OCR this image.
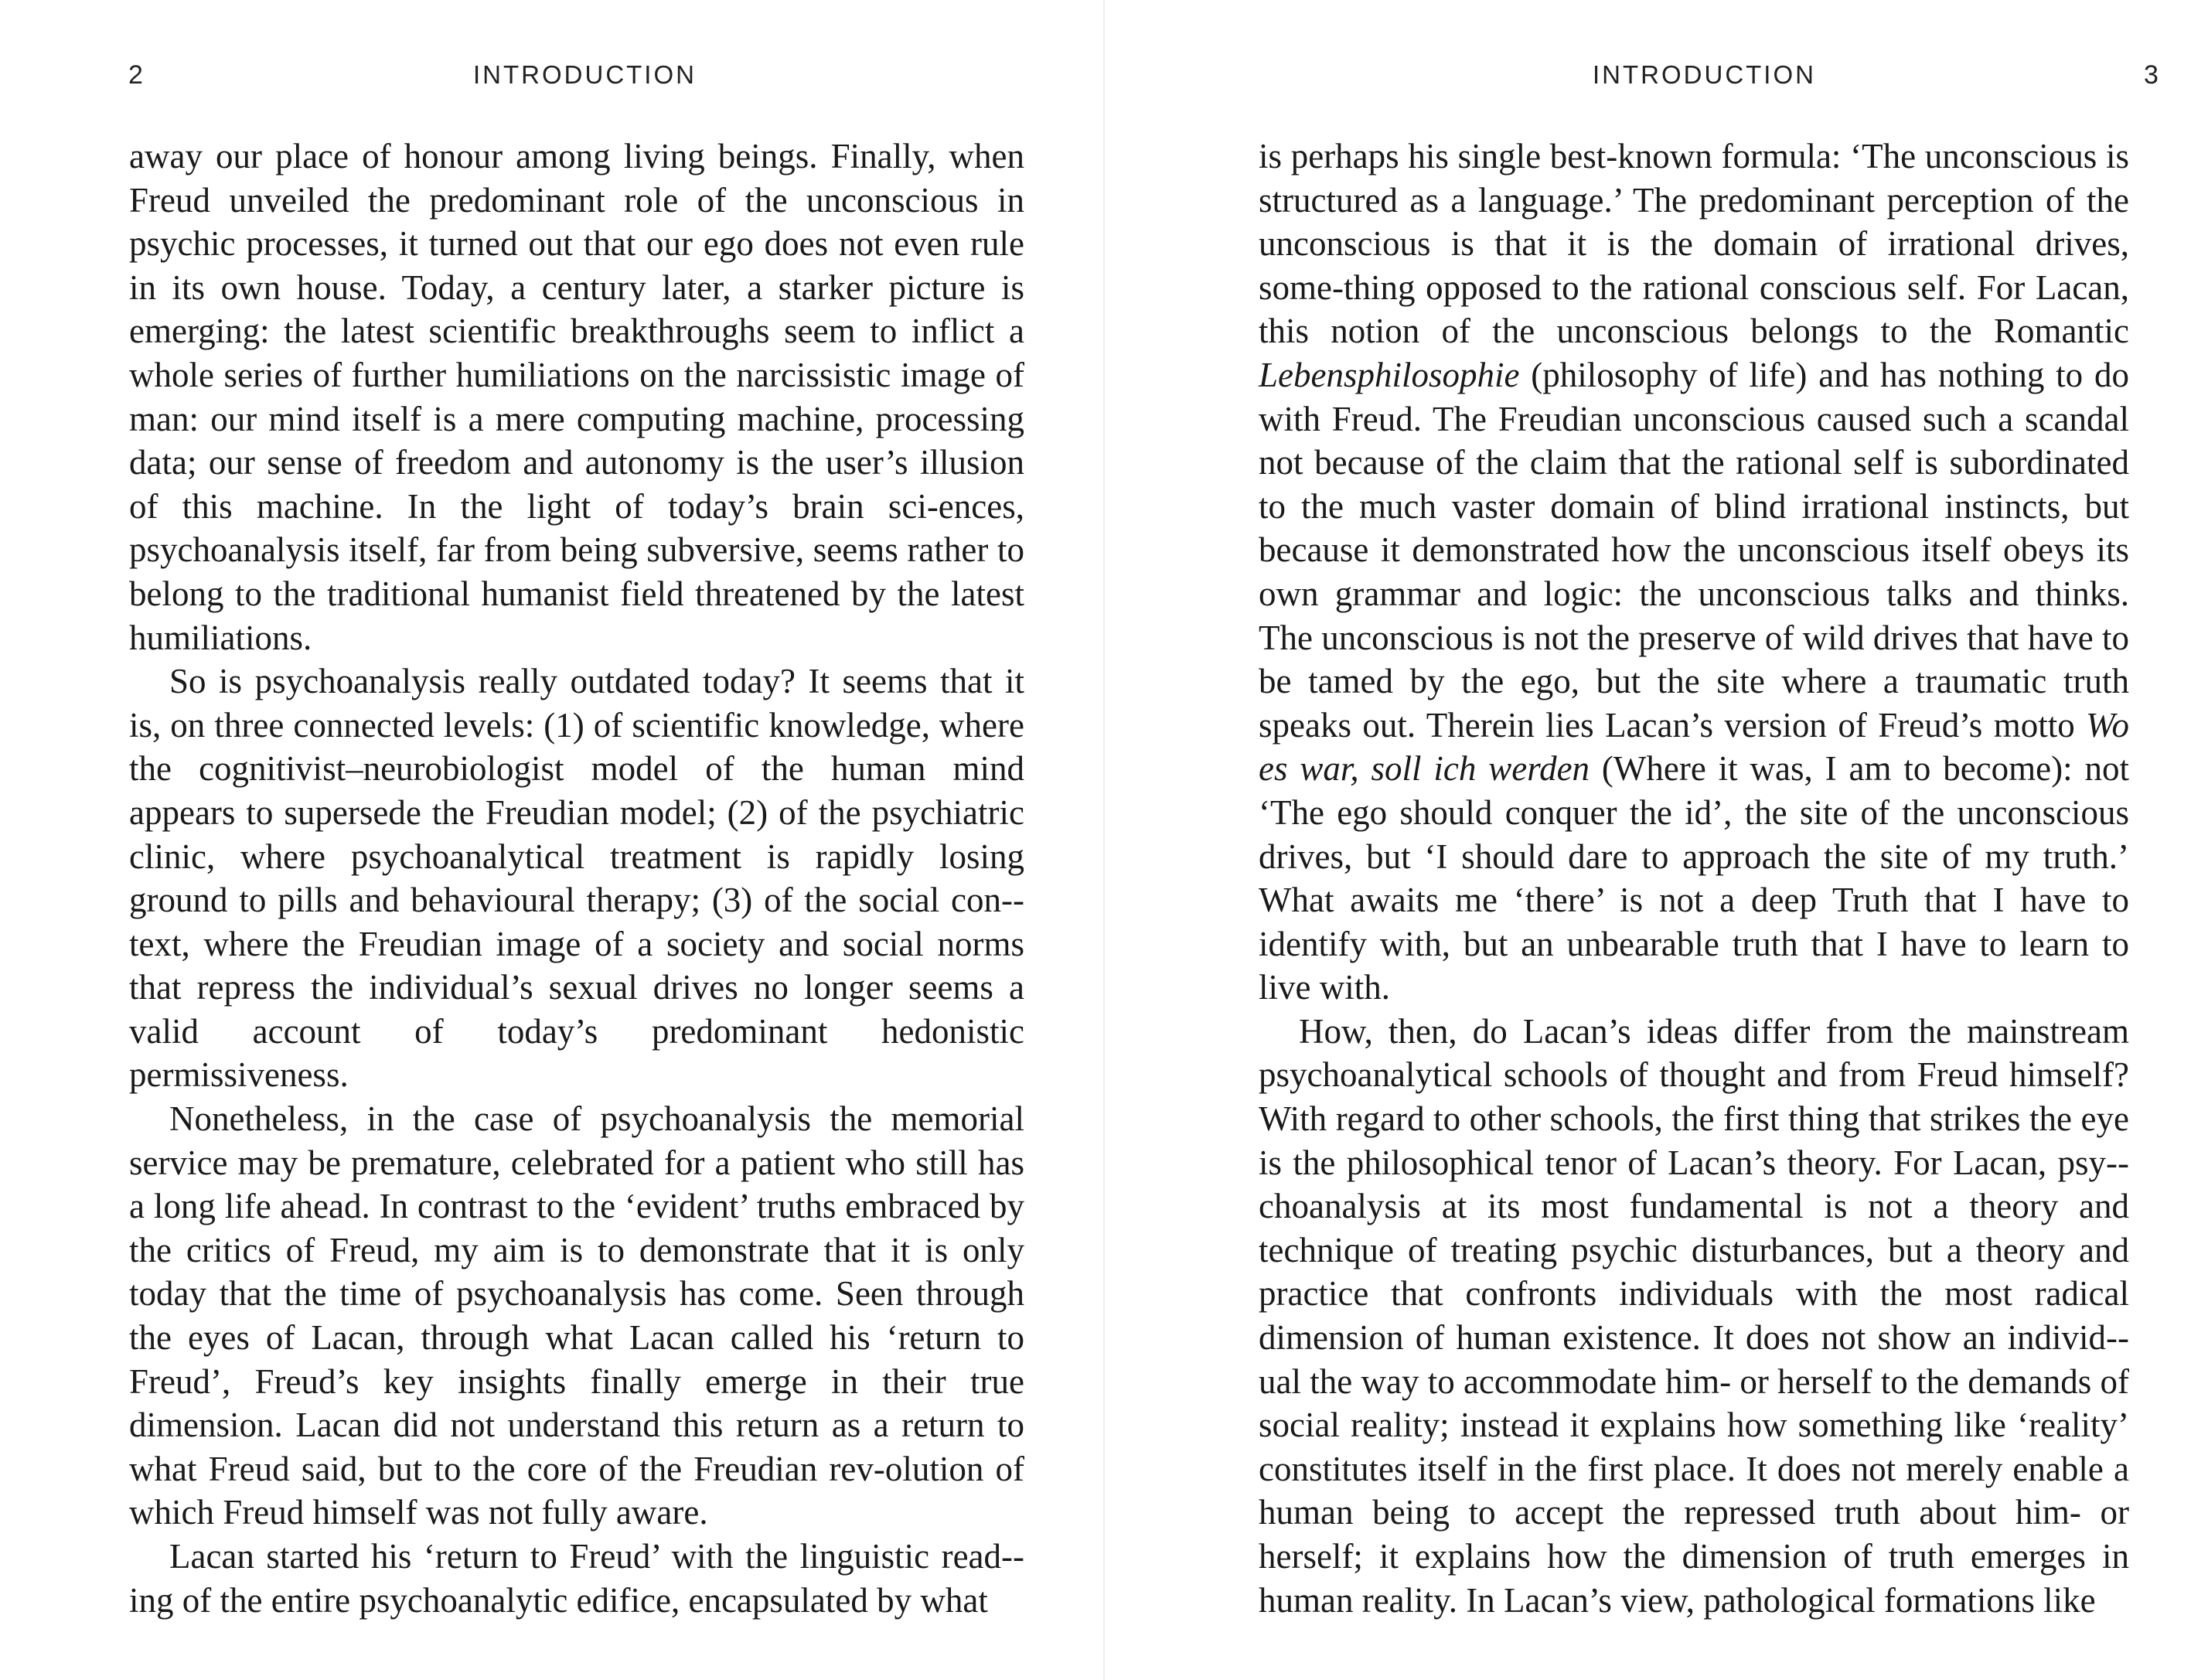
2	INTRODUCTION

away our place of honour among living beings. Finally, when Freud unveiled the predominant role of the unconscious in psychic processes, it turned out that our ego does not even rule in its own house. Today, a century later, a starker picture is emerging: the latest scientific breakthroughs seem to inflict a whole series of further humiliations on the narcissistic image of man: our mind itself is a mere computing machine, processing data; our sense of freedom and autonomy is the user’s illusion of this machine. In the light of today’s brain sci-ences, psychoanalysis itself, far from being subversive, seems rather to belong to the traditional humanist field threatened by the latest humiliations.

So is psychoanalysis really outdated today? It seems that it is, on three connected levels: (1) of scientific knowledge, where the cognitivist–neurobiologist model of the human mind appears to supersede the Freudian model; (2) of the psychiatric clinic, where psychoanalytical treatment is rapidly losing ground to pills and behavioural therapy; (3) of the social con-text, where the Freudian image of a society and social norms that repress the individual’s sexual drives no longer seems a valid account of today’s predominant hedonistic permissiveness.

Nonetheless, in the case of psychoanalysis the memorial service may be premature, celebrated for a patient who still has a long life ahead. In contrast to the ‘evident’ truths embraced by the critics of Freud, my aim is to demonstrate that it is only today that the time of psychoanalysis has come. Seen through the eyes of Lacan, through what Lacan called his ‘return to Freud’, Freud’s key insights finally emerge in their true dimension. Lacan did not understand this return as a return to what Freud said, but to the core of the Freudian rev-olution of which Freud himself was not fully aware.

Lacan started his ‘return to Freud’ with the linguistic read-ing of the entire psychoanalytic edifice, encapsulated by what

INTRODUCTION	3

is perhaps his single best-known formula: ‘The unconscious is structured as a language.’ The predominant perception of the unconscious is that it is the domain of irrational drives, some-thing opposed to the rational conscious self. For Lacan, this notion of the unconscious belongs to the Romantic Lebensphilosophie (philosophy of life) and has nothing to do with Freud. The Freudian unconscious caused such a scandal not because of the claim that the rational self is subordinated to the much vaster domain of blind irrational instincts, but because it demonstrated how the unconscious itself obeys its own grammar and logic: the unconscious talks and thinks. The unconscious is not the preserve of wild drives that have to be tamed by the ego, but the site where a traumatic truth speaks out. Therein lies Lacan’s version of Freud’s motto Wo es war, soll ich werden (Where it was, I am to become): not ‘The ego should conquer the id’, the site of the unconscious drives, but ‘I should dare to approach the site of my truth.’ What awaits me ‘there’ is not a deep Truth that I have to identify with, but an unbearable truth that I have to learn to live with.

How, then, do Lacan’s ideas differ from the mainstream psychoanalytical schools of thought and from Freud himself? With regard to other schools, the first thing that strikes the eye is the philosophical tenor of Lacan’s theory. For Lacan, psy-choanalysis at its most fundamental is not a theory and technique of treating psychic disturbances, but a theory and practice that confronts individuals with the most radical dimension of human existence. It does not show an individ-ual the way to accommodate him- or herself to the demands of social reality; instead it explains how something like ‘reality’ constitutes itself in the first place. It does not merely enable a human being to accept the repressed truth about him- or herself; it explains how the dimension of truth emerges in human reality. In Lacan’s view, pathological formations like
